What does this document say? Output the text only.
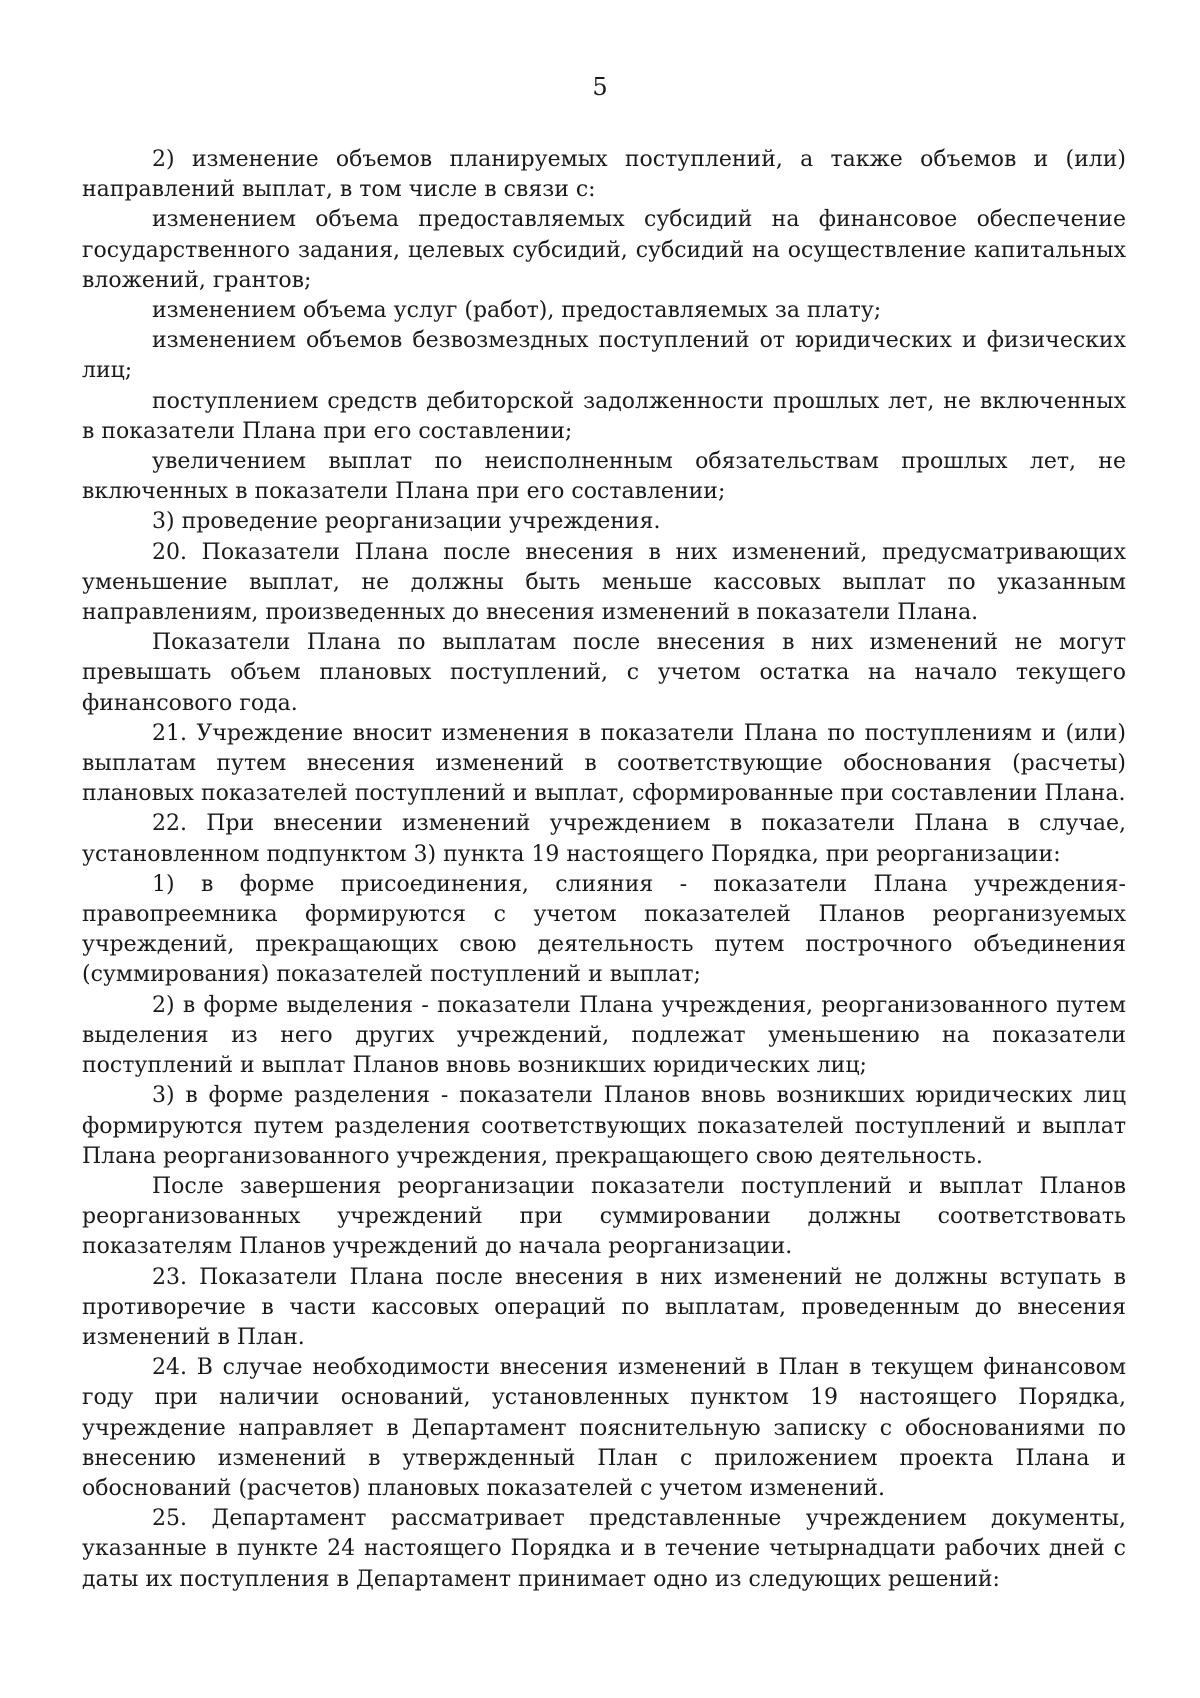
5

2) изменение объемов планируемых поступлений, а также объемов и (или) направлений выплат, в том числе в связи с:

изменением объема предоставляемых субсидий на финансовое обеспечение государственного задания, целевых субсидий, субсидий на осуществление капитальных вложений, грантов;

изменением объема услуг (работ), предоставляемых за плату;

изменением объемов безвозмездных поступлений от юридических и физических лиц;

поступлением средств дебиторской задолженности прошлых лет, не включенных в показатели Плана при его составлении;

увеличением выплат по неисполненным обязательствам прошлых лет, не включенных в показатели Плана при его составлении;

3) проведение реорганизации учреждения.

20. Показатели Плана после внесения в них изменений, предусматривающих уменьшение выплат, не должны быть меньше кассовых выплат по указанным направлениям, произведенных до внесения изменений в показатели Плана.

Показатели Плана по выплатам после внесения в них изменений не могут превышать объем плановых поступлений, с учетом остатка на начало текущего финансового года.

21. Учреждение вносит изменения в показатели Плана по поступлениям и (или) выплатам путем внесения изменений в соответствующие обоснования (расчеты) плановых показателей поступлений и выплат, сформированные при составлении Плана.

22. При внесении изменений учреждением в показатели Плана в случае, установленном подпунктом 3) пункта 19 настоящего Порядка, при реорганизации:

1) в форме присоединения, слияния - показатели Плана учреждения-правопреемника формируются с учетом показателей Планов реорганизуемых учреждений, прекращающих свою деятельность путем построчного объединения (суммирования) показателей поступлений и выплат;

2) в форме выделения - показатели Плана учреждения, реорганизованного путем выделения из него других учреждений, подлежат уменьшению на показатели поступлений и выплат Планов вновь возникших юридических лиц;

3) в форме разделения - показатели Планов вновь возникших юридических лиц формируются путем разделения соответствующих показателей поступлений и выплат Плана реорганизованного учреждения, прекращающего свою деятельность.

После завершения реорганизации показатели поступлений и выплат Планов реорганизованных учреждений при суммировании должны соответствовать показателям Планов учреждений до начала реорганизации.

23. Показатели Плана после внесения в них изменений не должны вступать в противоречие в части кассовых операций по выплатам, проведенным до внесения изменений в План.

24. В случае необходимости внесения изменений в План в текущем финансовом году при наличии оснований, установленных пунктом 19 настоящего Порядка, учреждение направляет в Департамент пояснительную записку с обоснованиями по внесению изменений в утвержденный План с приложением проекта Плана и обоснований (расчетов) плановых показателей с учетом изменений.

25. Департамент рассматривает представленные учреждением документы, указанные в пункте 24 настоящего Порядка и в течение четырнадцати рабочих дней с даты их поступления в Департамент принимает одно из следующих решений:
